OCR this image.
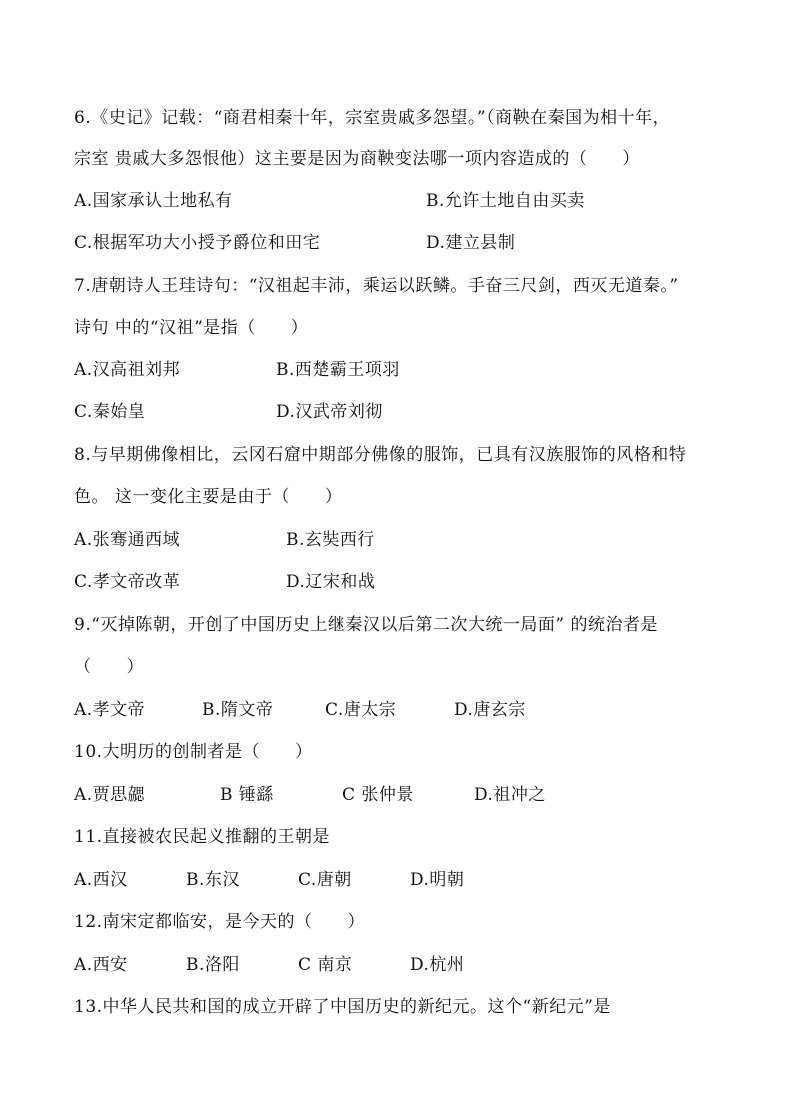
6.《史记》记载：“商君相秦十年，宗室贵戚多怨望。”（商鞅在秦国为相十年，
宗室 贵戚大多怨恨他）这主要是因为商鞅变法哪一项内容造成的（　　）
A.国家承认土地私有	B.允许土地自由买卖
C.根据军功大小授予爵位和田宅	D.建立县制
7.唐朝诗人王珪诗句：“汉祖起丰沛，乘运以跃鳞。手奋三尺剑，西灭无道秦。”
诗句 中的“汉祖”是指（　　）
A.汉高祖刘邦	B.西楚霸王项羽
C.秦始皇	D.汉武帝刘彻
8.与早期佛像相比，云冈石窟中期部分佛像的服饰，已具有汉族服饰的风格和特
色。 这一变化主要是由于（　　）
A.张骞通西域	B.玄奘西行
C.孝文帝改革	D.辽宋和战
9.“灭掉陈朝，开创了中国历史上继秦汉以后第二次大统一局面” 的统治者是
（　　）
A.孝文帝	B.隋文帝	C.唐太宗	D.唐玄宗
10.大明历的创制者是（　　）
A.贾思勰	B 锤繇	C 张仲景	D.祖冲之
11.直接被农民起义推翻的王朝是
A.西汉	B.东汉	C.唐朝	D.明朝
12.南宋定都临安，是今天的（　　）
A.西安	B.洛阳	C 南京	D.杭州
13.中华人民共和国的成立开辟了中国历史的新纪元。这个“新纪元”是
